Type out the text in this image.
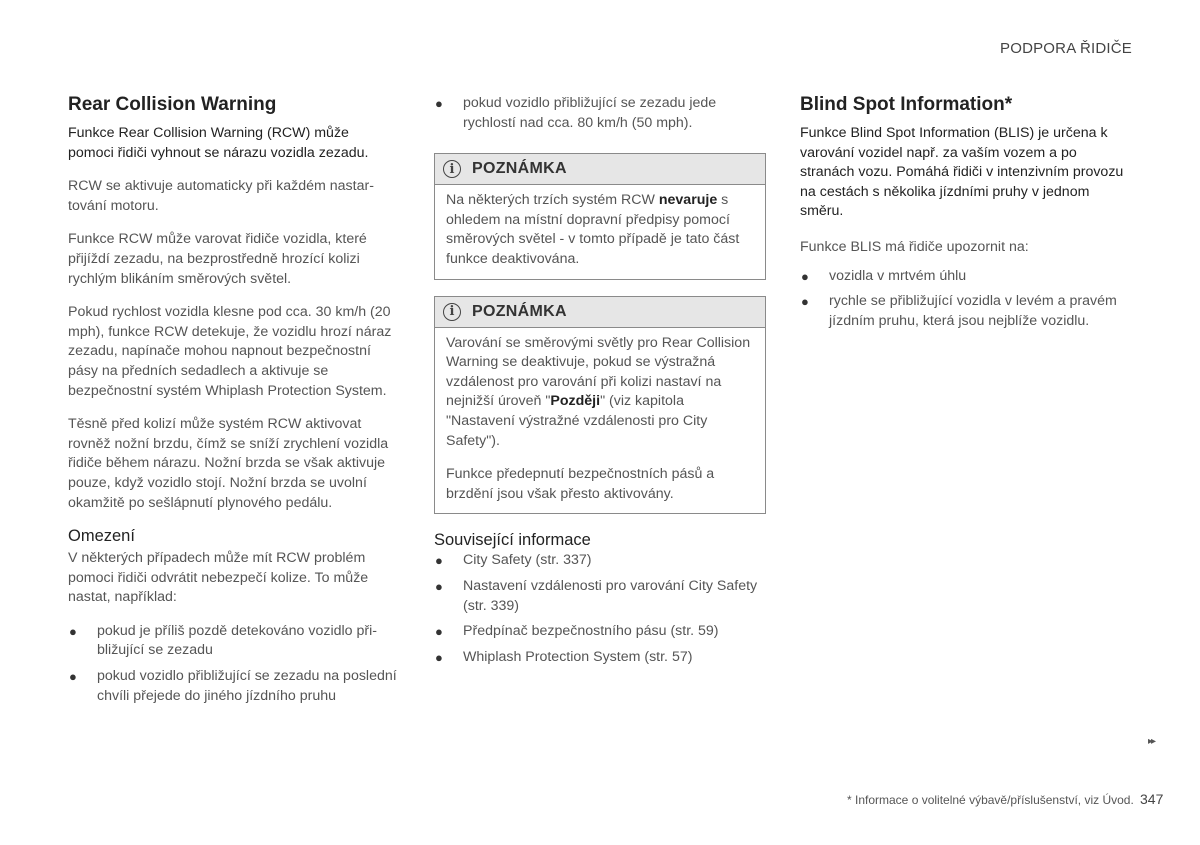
PODPORA ŘIDIČE
Rear Collision Warning

Funkce Rear Collision Warning (RCW) může pomoci řidiči vyhnout se nárazu vozidla zezadu.

RCW se aktivuje automaticky při každém nastartování motoru.

Funkce RCW může varovat řidiče vozidla, které přijíždí zezadu, na bezprostředně hrozící kolizi rychlým blikáním směrových světel.

Pokud rychlost vozidla klesne pod cca. 30 km/h (20 mph), funkce RCW detekuje, že vozidlu hrozí náraz zezadu, napínače mohou napnout bezpečnostní pásy na předních sedadlech a aktivuje se bezpečnostní systém Whiplash Protection System.

Těsně před kolizí může systém RCW aktivovat rovněž nožní brzdu, čímž se sníží zrychlení vozidla řidiče během nárazu. Nožní brzda se však aktivuje pouze, když vozidlo stojí. Nožní brzda se uvolní okamžitě po sešlápnutí plynového pedálu.

Omezení

V některých případech může mít RCW problém pomoci řidiči odvrátit nebezpečí kolize. To může nastat, například:

● pokud je příliš pozdě detekováno vozidlo přibližující se zezadu
● pokud vozidlo přibližující se zezadu na poslední chvíli přejede do jiného jízdního pruhu
● pokud vozidlo přibližující se zezadu jede rychlostí nad cca. 80 km/h (50 mph).
i	POZNÁMKA

Na některých trzích systém RCW nevaruje s ohledem na místní dopravní předpisy pomocí směrových světel - v tomto případě je tato část funkce deaktivována.

i	POZNÁMKA

Varování se směrovými světly pro Rear Collision Warning se deaktivuje, pokud se výstražná vzdálenost pro varování při kolizi nastaví na nejnižší úroveň "Později" (viz kapitola "Nastavení výstražné vzdálenosti pro City Safety").

Funkce předepnutí bezpečnostních pásů a brzdění jsou však přesto aktivovány.

Související informace
● City Safety (str. 337)
● Nastavení vzdálenosti pro varování City Safety (str. 339)
● Předpínač bezpečnostního pásu (str. 59)
● Whiplash Protection System (str. 57)
Blind Spot Information*

Funkce Blind Spot Information (BLIS) je určena k varování vozidel např. za vaším vozem a po stranách vozu. Pomáhá řidiči v intenzivním provozu na cestách s několika jízdními pruhy v jednom směru.

Funkce BLIS má řidiče upozornit na:

● vozidla v mrtvém úhlu
● rychle se přibližující vozidla v levém a pravém jízdním pruhu, která jsou nejblíže vozidlu.
▸▸
* Informace o volitelné výbavě/příslušenství, viz Úvod. 347
